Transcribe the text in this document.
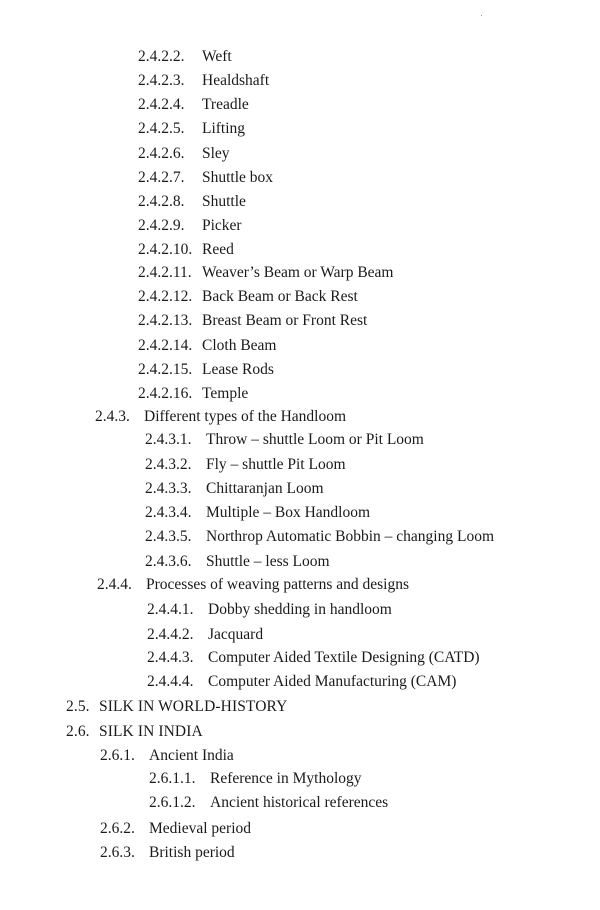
2.4.2.2. Weft
2.4.2.3. Healdshaft
2.4.2.4. Treadle
2.4.2.5. Lifting
2.4.2.6. Sley
2.4.2.7. Shuttle box
2.4.2.8. Shuttle
2.4.2.9. Picker
2.4.2.10. Reed
2.4.2.11. Weaver’s Beam or Warp Beam
2.4.2.12. Back Beam or Back Rest
2.4.2.13. Breast Beam or Front Rest
2.4.2.14. Cloth Beam
2.4.2.15. Lease Rods
2.4.2.16. Temple
2.4.3. Different types of the Handloom
2.4.3.1. Throw – shuttle Loom or Pit Loom
2.4.3.2. Fly – shuttle Pit Loom
2.4.3.3. Chittaranjan Loom
2.4.3.4. Multiple – Box Handloom
2.4.3.5. Northrop Automatic Bobbin – changing Loom
2.4.3.6. Shuttle – less Loom
2.4.4. Processes of weaving patterns and designs
2.4.4.1. Dobby shedding in handloom
2.4.4.2. Jacquard
2.4.4.3. Computer Aided Textile Designing (CATD)
2.4.4.4. Computer Aided Manufacturing (CAM)
2.5. SILK IN WORLD-HISTORY
2.6. SILK IN INDIA
2.6.1. Ancient India
2.6.1.1. Reference in Mythology
2.6.1.2. Ancient historical references
2.6.2. Medieval period
2.6.3. British period
